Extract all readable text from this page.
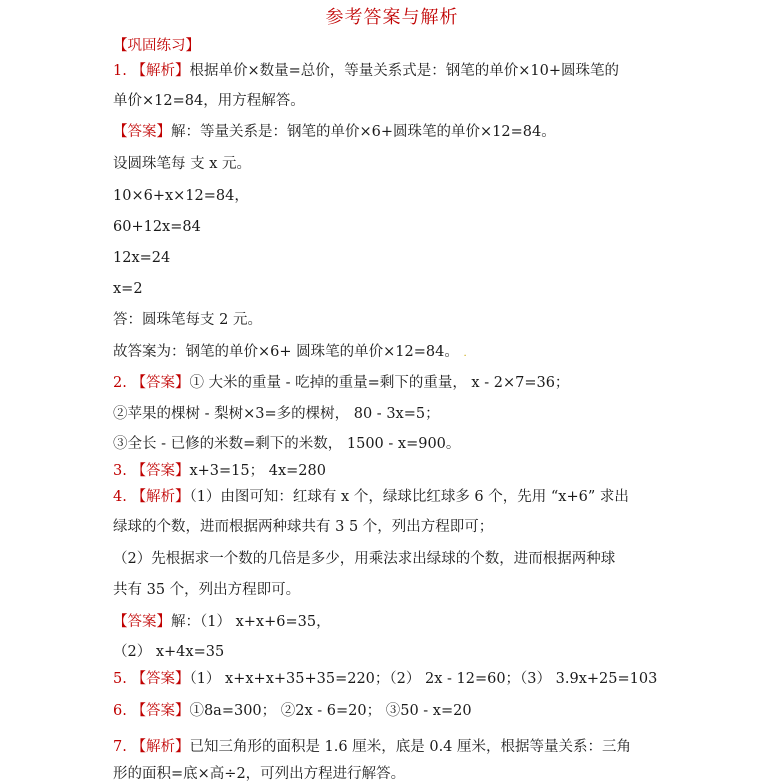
参考答案与解析
【巩固练习】
1. 【解析】根据单价×数量=总价，等量关系式是：钢笔的单价×10+圆珠笔的
单价×12=84，用方程解答。
【答案】解：等量关系是：钢笔的单价×6+圆珠笔的单价×12=84。
设圆珠笔每 支 x 元。
10×6+x×12=84，
60+12x=84
12x=24
x=2
答：圆珠笔每支 2 元。
故答案为：钢笔的单价×6+ 圆珠笔的单价×12=84。 .
2. 【答案】① 大米的重量 - 吃掉的重量=剩下的重量， x - 2×7=36；
②苹果的棵树 - 梨树×3=多的棵树， 80 - 3x=5；
③全长 - 已修的米数=剩下的米数， 1500 - x=900。
3. 【答案】x+3=15； 4x=280
4. 【解析】（1）由图可知：红球有 x 个，绿球比红球多 6 个，先用 “x+6” 求出
绿球的个数，进而根据两种球共有 3 5 个，列出方程即可；
（2）先根据求一个数的几倍是多少，用乘法求出绿球的个数，进而根据两种球
共有 35 个，列出方程即可。
【答案】解：（1） x+x+6=35，
（2） x+4x=35
5. 【答案】（1） x+x+x+35+35=220；（2） 2x - 12=60；（3） 3.9x+25=103
6. 【答案】①8a=300； ②2x - 6=20； ③50 - x=20
7. 【解析】已知三角形的面积是 1.6 厘米，底是 0.4 厘米，根据等量关系：三角
形的面积=底×高÷2，可列出方程进行解答。
